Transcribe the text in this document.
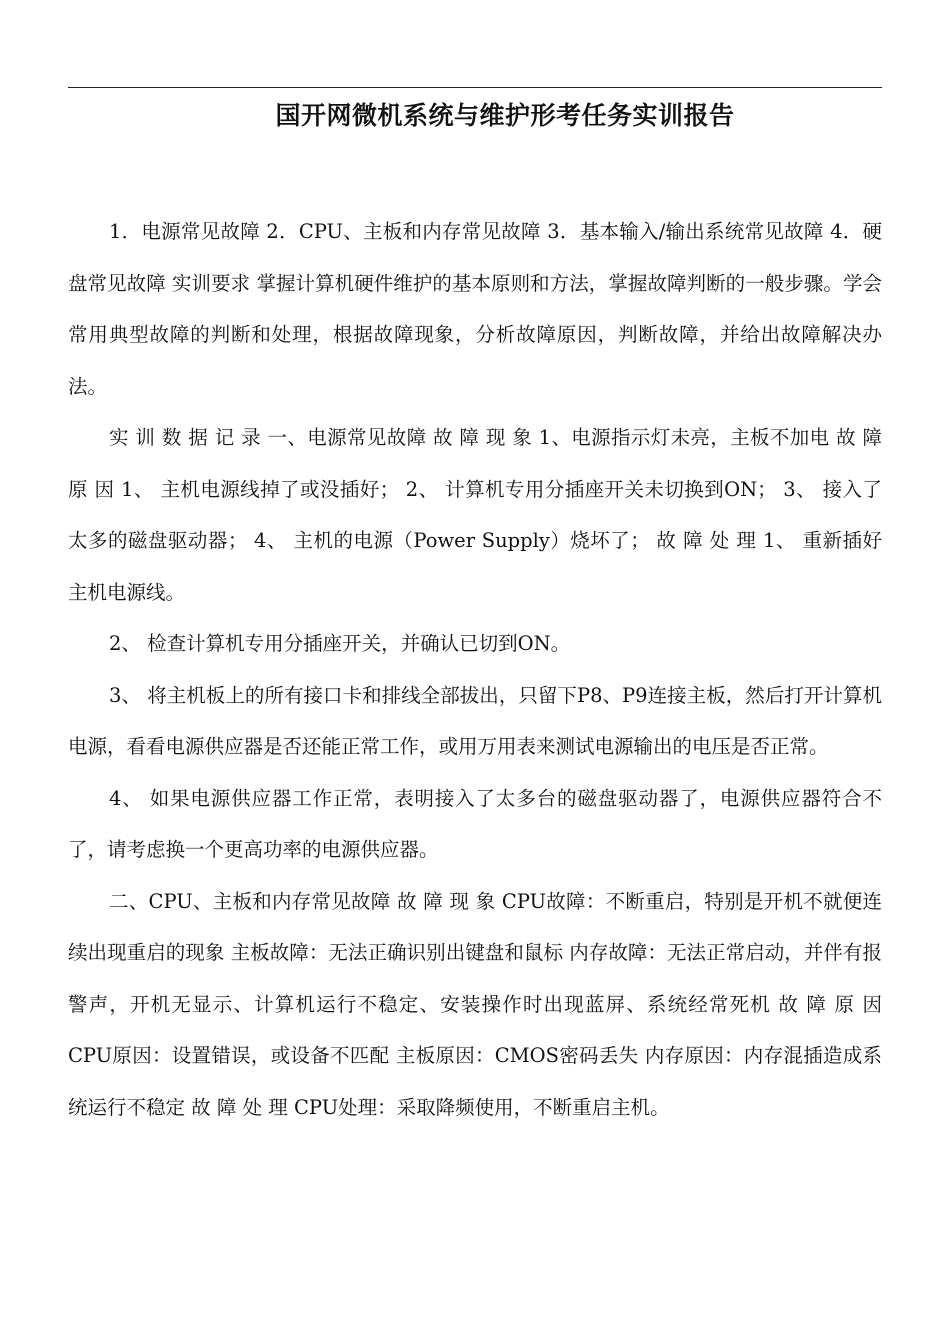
国开网微机系统与维护形考任务实训报告

1．电源常见故障 2．CPU、主板和内存常见故障 3．基本输入/输出系统常见故障 4．硬盘常见故障 实训要求 掌握计算机硬件维护的基本原则和方法，掌握故障判断的一般步骤。学会常用典型故障的判断和处理，根据故障现象，分析故障原因，判断故障，并给出故障解决办法。

实 训 数 据 记 录 一、电源常见故障 故 障 现 象 1、电源指示灯未亮，主板不加电 故 障 原 因 1、 主机电源线掉了或没插好； 2、 计算机专用分插座开关未切换到ON； 3、 接入了太多的磁盘驱动器； 4、 主机的电源（Power Supply）烧坏了； 故 障 处 理 1、 重新插好主机电源线。

2、 检查计算机专用分插座开关，并确认已切到ON。

3、 将主机板上的所有接口卡和排线全部拔出，只留下P8、P9连接主板，然后打开计算机电源，看看电源供应器是否还能正常工作，或用万用表来测试电源输出的电压是否正常。

4、 如果电源供应器工作正常，表明接入了太多台的磁盘驱动器了，电源供应器符合不了，请考虑换一个更高功率的电源供应器。

二、CPU、主板和内存常见故障 故 障 现 象 CPU故障：不断重启，特别是开机不就便连续出现重启的现象 主板故障：无法正确识别出键盘和鼠标 内存故障：无法正常启动，并伴有报警声，开机无显示、计算机运行不稳定、安装操作时出现蓝屏、系统经常死机 故 障 原 因 CPU原因：设置错误，或设备不匹配 主板原因：CMOS密码丢失 内存原因：内存混插造成系统运行不稳定 故 障 处 理 CPU处理：采取降频使用，不断重启主机。
